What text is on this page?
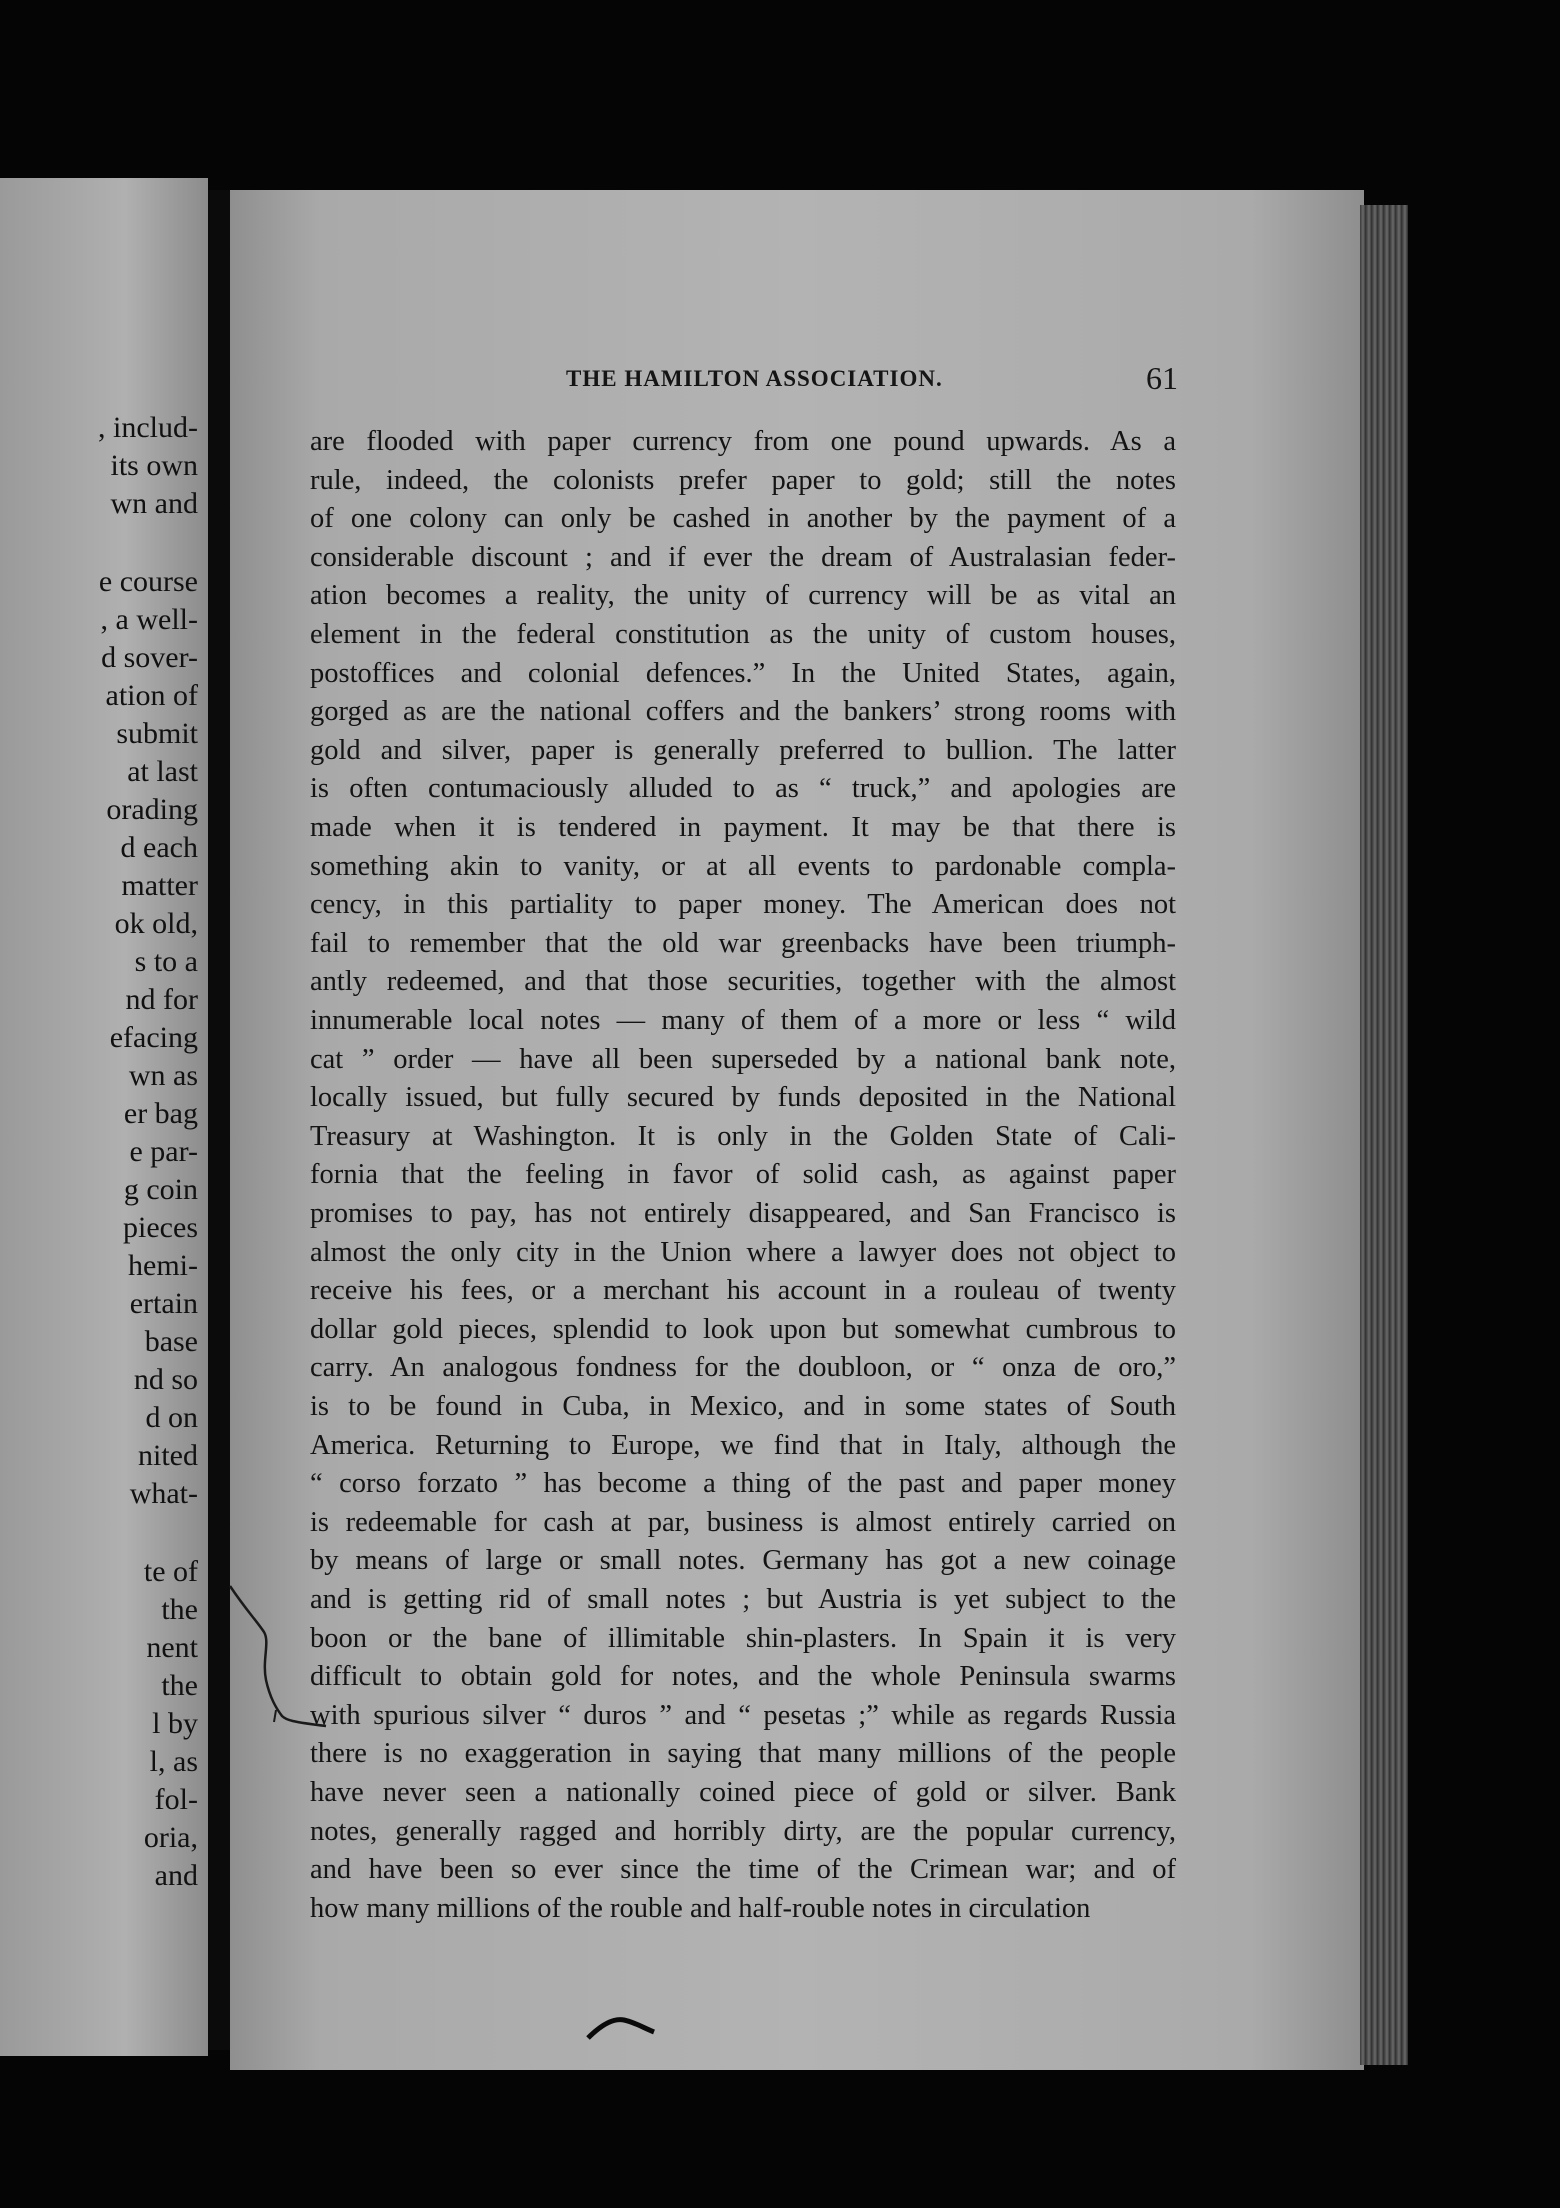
, includ-
its own
wn and
e course
, a well-
d sover-
ation of
submit
at last
orading
d each
matter
ok old,
s to a
nd for
efacing
wn as
er bag
e par-
g coin
pieces
hemi-
ertain
base
nd so
d on
nited
what-
te of
the
nent
the
l by
l, as
fol-
oria,
and
THE HAMILTON ASSOCIATION.	61
are flooded with paper currency from one pound upwards. As a
rule, indeed, the colonists prefer paper to gold; still the notes
of one colony can only be cashed in another by the payment of a
considerable discount ; and if ever the dream of Australasian feder-
ation becomes a reality, the unity of currency will be as vital an
element in the federal constitution as the unity of custom houses,
postoffices and colonial defences.” In the United States, again,
gorged as are the national coffers and the bankers’ strong rooms with
gold and silver, paper is generally preferred to bullion. The latter
is often contumaciously alluded to as “ truck,” and apologies are
made when it is tendered in payment. It may be that there is
something akin to vanity, or at all events to pardonable compla-
cency, in this partiality to paper money. The American does not
fail to remember that the old war greenbacks have been triumph-
antly redeemed, and that those securities, together with the almost
innumerable local notes — many of them of a more or less “ wild
cat ” order — have all been superseded by a national bank note,
locally issued, but fully secured by funds deposited in the National
Treasury at Washington. It is only in the Golden State of Cali-
fornia that the feeling in favor of solid cash, as against paper
promises to pay, has not entirely disappeared, and San Francisco is
almost the only city in the Union where a lawyer does not object to
receive his fees, or a merchant his account in a rouleau of twenty
dollar gold pieces, splendid to look upon but somewhat cumbrous to
carry. An analogous fondness for the doubloon, or “ onza de oro,”
is to be found in Cuba, in Mexico, and in some states of South
America. Returning to Europe, we find that in Italy, although the
“ corso forzato ” has become a thing of the past and paper money
is redeemable for cash at par, business is almost entirely carried on
by means of large or small notes. Germany has got a new coinage
and is getting rid of small notes ; but Austria is yet subject to the
boon or the bane of illimitable shin-plasters. In Spain it is very
difficult to obtain gold for notes, and the whole Peninsula swarms
with spurious silver “ duros ” and “ pesetas ;” while as regards Russia
there is no exaggeration in saying that many millions of the people
have never seen a nationally coined piece of gold or silver. Bank
notes, generally ragged and horribly dirty, are the popular currency,
and have been so ever since the time of the Crimean war; and of
how many millions of the rouble and half-rouble notes in circulation
